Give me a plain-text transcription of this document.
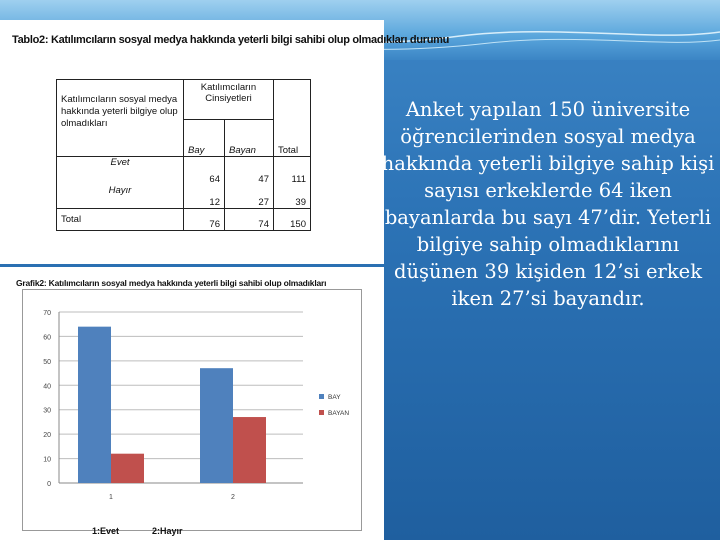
Tablo2: Katılımcıların sosyal medya hakkında yeterli bilgi sahibi olup olmadıkları durumu
Katılımcıların sosyal medya hakkında yeterli bilgiye olup olmadıkları	Katılımcıların Cinsiyetleri		
	Bay	Bayan	Total
Evet	64	47	111
Hayır	12	27	39
Total	76	74	150
Grafik2: Katılımcıların sosyal medya hakkında yeterli bilgi sahibi olup olmadıkları
0
10
20
30
40
50
60
70
1	2
BAY
BAYAN
1:Evet	2:Hayır
Anket yapılan 150 üniversite öğrencilerinden sosyal medya hakkında yeterli bilgiye sahip kişi sayısı erkeklerde 64 iken bayanlarda bu sayı 47’dir. Yeterli bilgiye sahip olmadıklarını düşünen 39 kişiden 12’si erkek iken 27’si bayandır.
